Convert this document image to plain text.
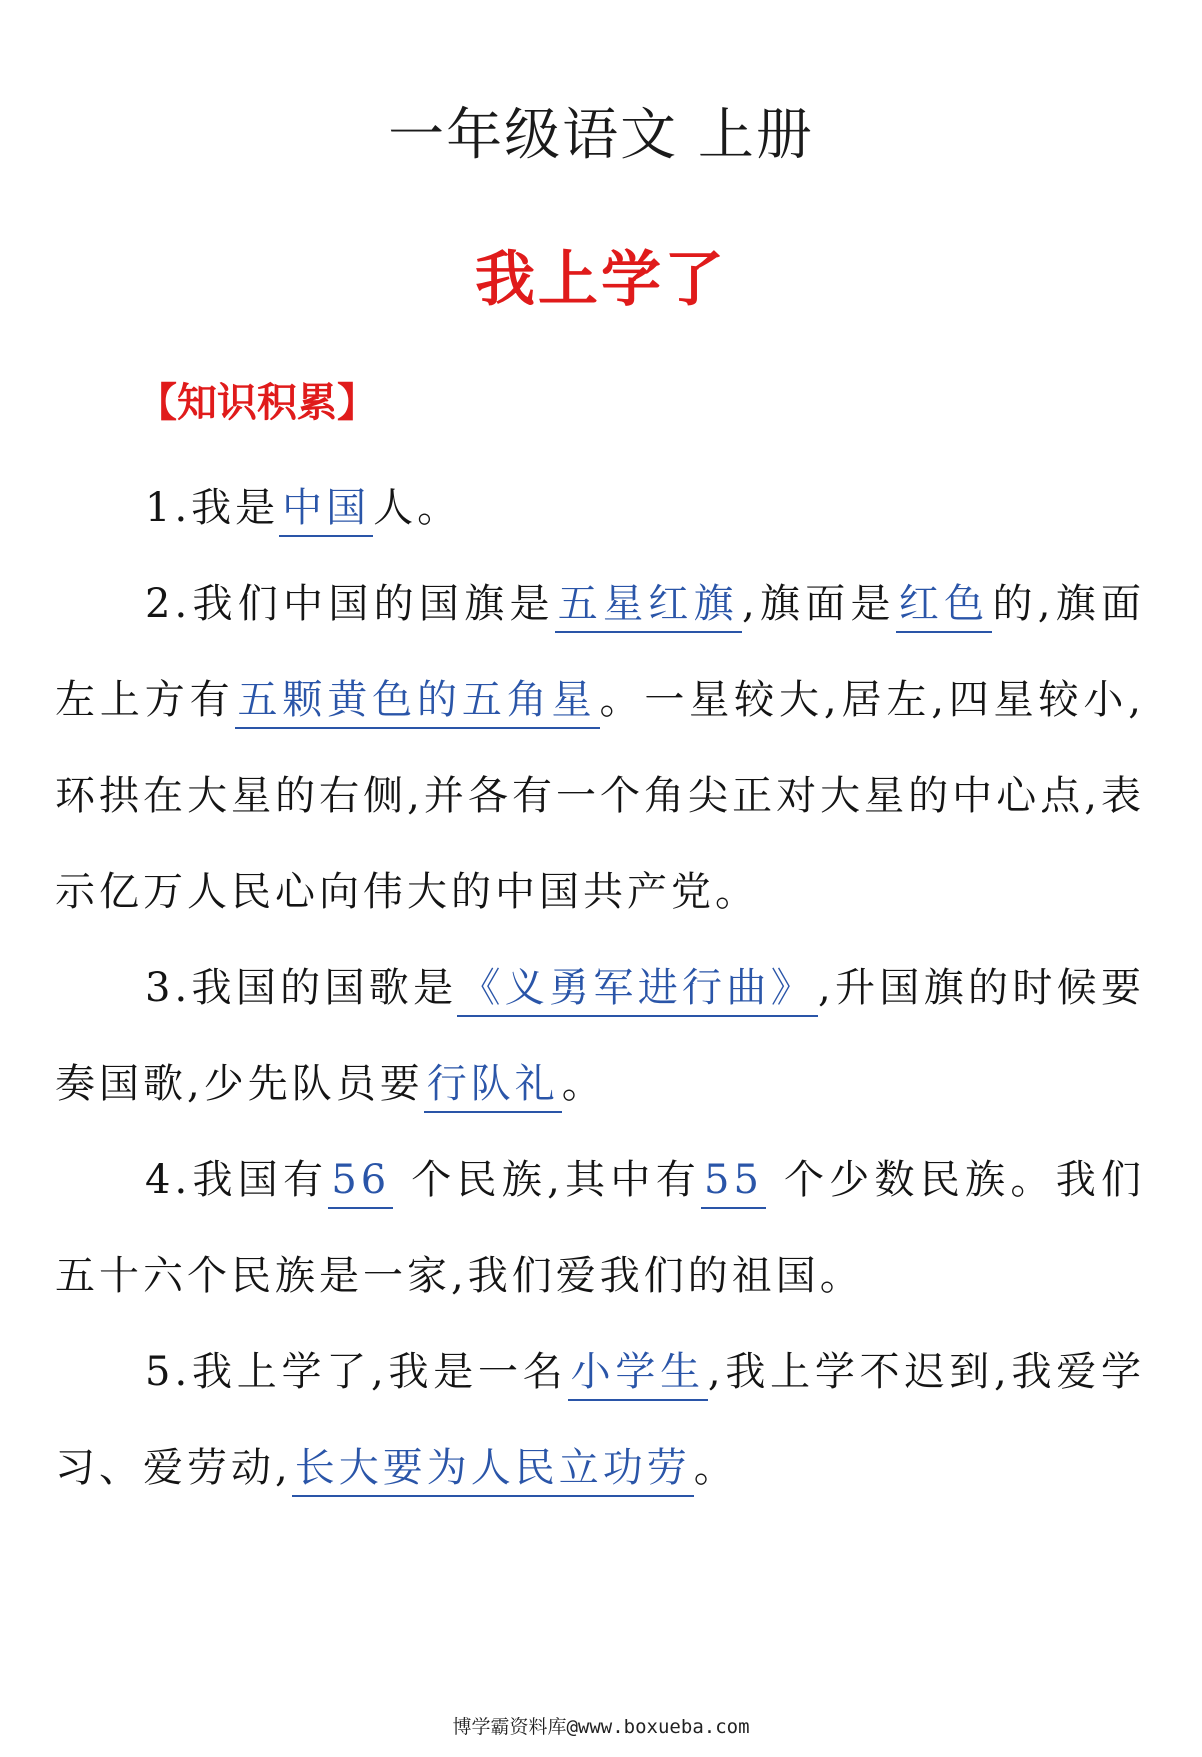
一年级语文 上册
我上学了
【知识积累】

1.我是中国人。

2.我们中国的国旗是五星红旗,旗面是红色的,旗面左上方有五颗黄色的五角星。一星较大,居左,四星较小,环拱在大星的右侧,并各有一个角尖正对大星的中心点,表示亿万人民心向伟大的中国共产党。

3.我国的国歌是《义勇军进行曲》,升国旗的时候要奏国歌,少先队员要行队礼。

4.我国有56 个民族,其中有55 个少数民族。我们五十六个民族是一家,我们爱我们的祖国。

5.我上学了,我是一名小学生,我上学不迟到,我爱学习、爱劳动,长大要为人民立功劳。

博学霸资料库@www.boxueba.com
